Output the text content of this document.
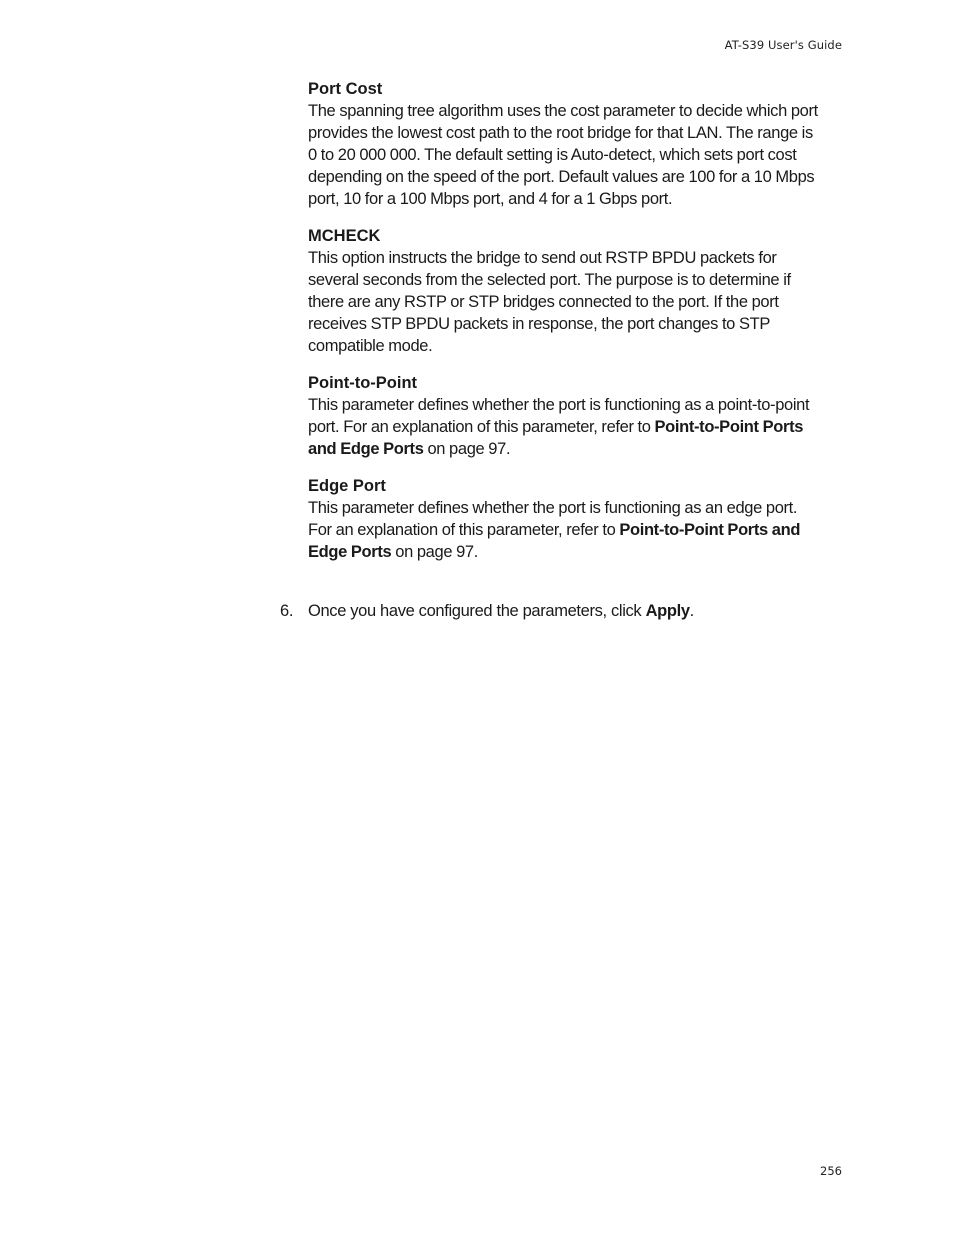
AT-S39 User's Guide
Port Cost

The spanning tree algorithm uses the cost parameter to decide which port provides the lowest cost path to the root bridge for that LAN. The range is 0 to 20 000 000. The default setting is Auto-detect, which sets port cost depending on the speed of the port. Default values are 100 for a 10 Mbps port, 10 for a 100 Mbps port, and 4 for a 1 Gbps port.

MCHECK

This option instructs the bridge to send out RSTP BPDU packets for several seconds from the selected port. The purpose is to determine if there are any RSTP or STP bridges connected to the port. If the port receives STP BPDU packets in response, the port changes to STP compatible mode.

Point-to-Point

This parameter defines whether the port is functioning as a point-to-point port. For an explanation of this parameter, refer to Point-to-Point Ports and Edge Ports on page 97.

Edge Port

This parameter defines whether the port is functioning as an edge port. For an explanation of this parameter, refer to Point-to-Point Ports and Edge Ports on page 97.

6. Once you have configured the parameters, click Apply.
256
